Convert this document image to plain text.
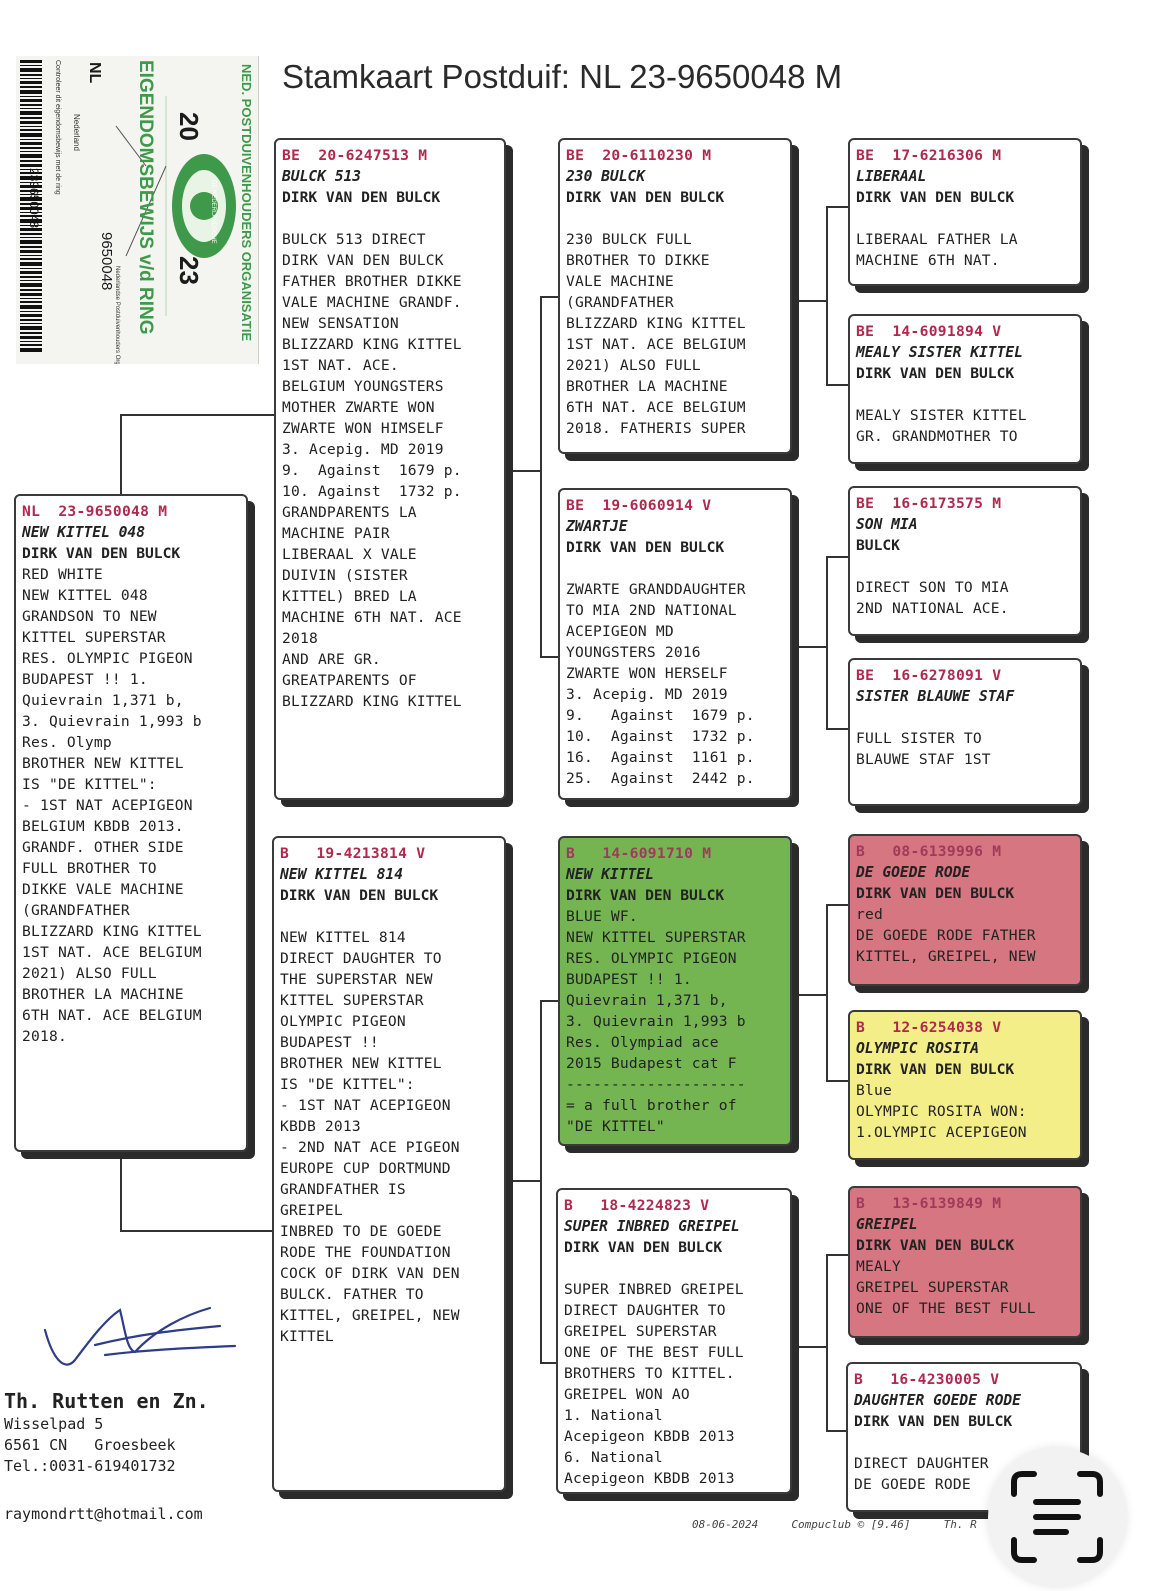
Stamkaart Postduif: NL 23-9650048 M
NED. POSTDUIVENHOUDERS ORGANISATIE
EIGENDOMSBEWIJS v/d RING 20
23
DE NEDERLANDSCHE
NL
9650048
Nederland
Controleer dit eigendomsbewijs met de ring
239650048
Nederlandse Postduivenhouders Organisatie
NL  23-9650048 M
NEW KITTEL 048
DIRK VAN DEN BULCK
RED WHITE
NEW KITTEL 048
GRANDSON TO NEW
KITTEL SUPERSTAR
RES. OLYMPIC PIGEON
BUDAPEST !! 1.
Quievrain 1,371 b,
3. Quievrain 1,993 b
Res. Olymp
BROTHER NEW KITTEL
IS "DE KITTEL":
- 1ST NAT ACEPIGEON
BELGIUM KBDB 2013.
GRANDF. OTHER SIDE
FULL BROTHER TO
DIKKE VALE MACHINE
(GRANDFATHER
BLIZZARD KING KITTEL
1ST NAT. ACE BELGIUM
2021) ALSO FULL
BROTHER LA MACHINE
6TH NAT. ACE BELGIUM
2018.
BE  20-6247513 M
BULCK 513
DIRK VAN DEN BULCK

BULCK 513 DIRECT
DIRK VAN DEN BULCK
FATHER BROTHER DIKKE
VALE MACHINE GRANDF.
NEW SENSATION
BLIZZARD KING KITTEL
1ST NAT. ACE.
BELGIUM YOUNGSTERS
MOTHER ZWARTE WON
ZWARTE WON HIMSELF
3. Acepig. MD 2019
9.  Against  1679 p.
10. Against  1732 p.
GRANDPARENTS LA
MACHINE PAIR
LIBERAAL X VALE
DUIVIN (SISTER
KITTEL) BRED LA
MACHINE 6TH NAT. ACE
2018
AND ARE GR.
GREATPARENTS OF
BLIZZARD KING KITTEL
B   19-4213814 V
NEW KITTEL 814
DIRK VAN DEN BULCK

NEW KITTEL 814
DIRECT DAUGHTER TO
THE SUPERSTAR NEW
KITTEL SUPERSTAR
OLYMPIC PIGEON
BUDAPEST !!
BROTHER NEW KITTEL
IS "DE KITTEL":
- 1ST NAT ACEPIGEON
KBDB 2013
- 2ND NAT ACE PIGEON
EUROPE CUP DORTMUND
GRANDFATHER IS
GREIPEL
INBRED TO DE GOEDE
RODE THE FOUNDATION
COCK OF DIRK VAN DEN
BULCK. FATHER TO
KITTEL, GREIPEL, NEW
KITTEL
BE  20-6110230 M
230 BULCK
DIRK VAN DEN BULCK

230 BULCK FULL
BROTHER TO DIKKE
VALE MACHINE
(GRANDFATHER
BLIZZARD KING KITTEL
1ST NAT. ACE BELGIUM
2021) ALSO FULL
BROTHER LA MACHINE
6TH NAT. ACE BELGIUM
2018. FATHERIS SUPER
BE  19-6060914 V
ZWARTJE
DIRK VAN DEN BULCK

ZWARTE GRANDDAUGHTER
TO MIA 2ND NATIONAL
ACEPIGEON MD
YOUNGSTERS 2016
ZWARTE WON HERSELF
3. Acepig. MD 2019
9.   Against  1679 p.
10.  Against  1732 p.
16.  Against  1161 p.
25.  Against  2442 p.
B   14-6091710 M
NEW KITTEL
DIRK VAN DEN BULCK
BLUE WF.
NEW KITTEL SUPERSTAR
RES. OLYMPIC PIGEON
BUDAPEST !! 1.
Quievrain 1,371 b,
3. Quievrain 1,993 b
Res. Olympiad ace
2015 Budapest cat F
--------------------
= a full brother of
"DE KITTEL"
B   18-4224823 V
SUPER INBRED GREIPEL
DIRK VAN DEN BULCK

SUPER INBRED GREIPEL
DIRECT DAUGHTER TO
GREIPEL SUPERSTAR
ONE OF THE BEST FULL
BROTHERS TO KITTEL.
GREIPEL WON AO
1. National
Acepigeon KBDB 2013
6. National
Acepigeon KBDB 2013
BE  17-6216306 M
LIBERAAL
DIRK VAN DEN BULCK

LIBERAAL FATHER LA
MACHINE 6TH NAT.
BE  14-6091894 V
MEALY SISTER KITTEL
DIRK VAN DEN BULCK

MEALY SISTER KITTEL
GR. GRANDMOTHER TO
BE  16-6173575 M
SON MIA
BULCK

DIRECT SON TO MIA
2ND NATIONAL ACE.
BE  16-6278091 V
SISTER BLAUWE STAF

FULL SISTER TO
BLAUWE STAF 1ST
B   08-6139996 M
DE GOEDE RODE
DIRK VAN DEN BULCK
red
DE GOEDE RODE FATHER
KITTEL, GREIPEL, NEW
B   12-6254038 V
OLYMPIC ROSITA
DIRK VAN DEN BULCK
Blue
OLYMPIC ROSITA WON:
1.OLYMPIC ACEPIGEON
B   13-6139849 M
GREIPEL
DIRK VAN DEN BULCK
MEALY
GREIPEL SUPERSTAR
ONE OF THE BEST FULL
B   16-4230005 V
DAUGHTER GOEDE RODE
DIRK VAN DEN BULCK

DIRECT DAUGHTER
DE GOEDE RODE
Th. Rutten en Zn.
Wisselpad 5
6561 CN   Groesbeek
Tel.:0031-619401732
raymondrtt@hotmail.com
08-06-2024     Compuclub © [9.46]     Th. R
